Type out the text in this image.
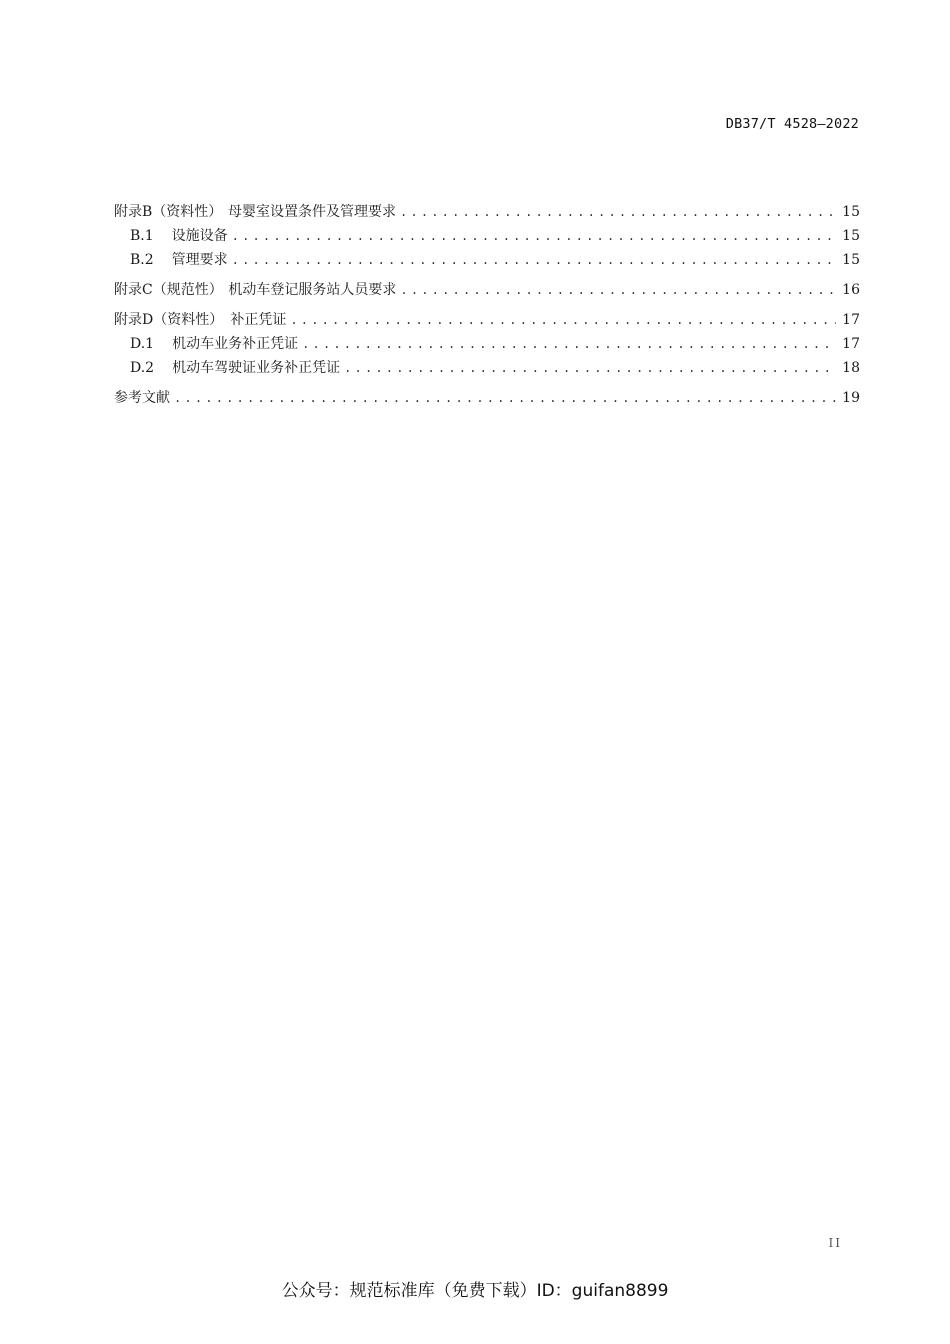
DB37/T 4528—2022
附录B（资料性） 母婴室设置条件及管理要求 .....	15
B.1 设施设备 .....	15
B.2 管理要求 .....	15
附录C（规范性） 机动车登记服务站人员要求 .....	16
附录D（资料性） 补正凭证 .....	17
D.1 机动车业务补正凭证 .....	17
D.2 机动车驾驶证业务补正凭证 .....	18
参考文献 .....	19
II
公众号：规范标准库（免费下载）ID：guifan8899
